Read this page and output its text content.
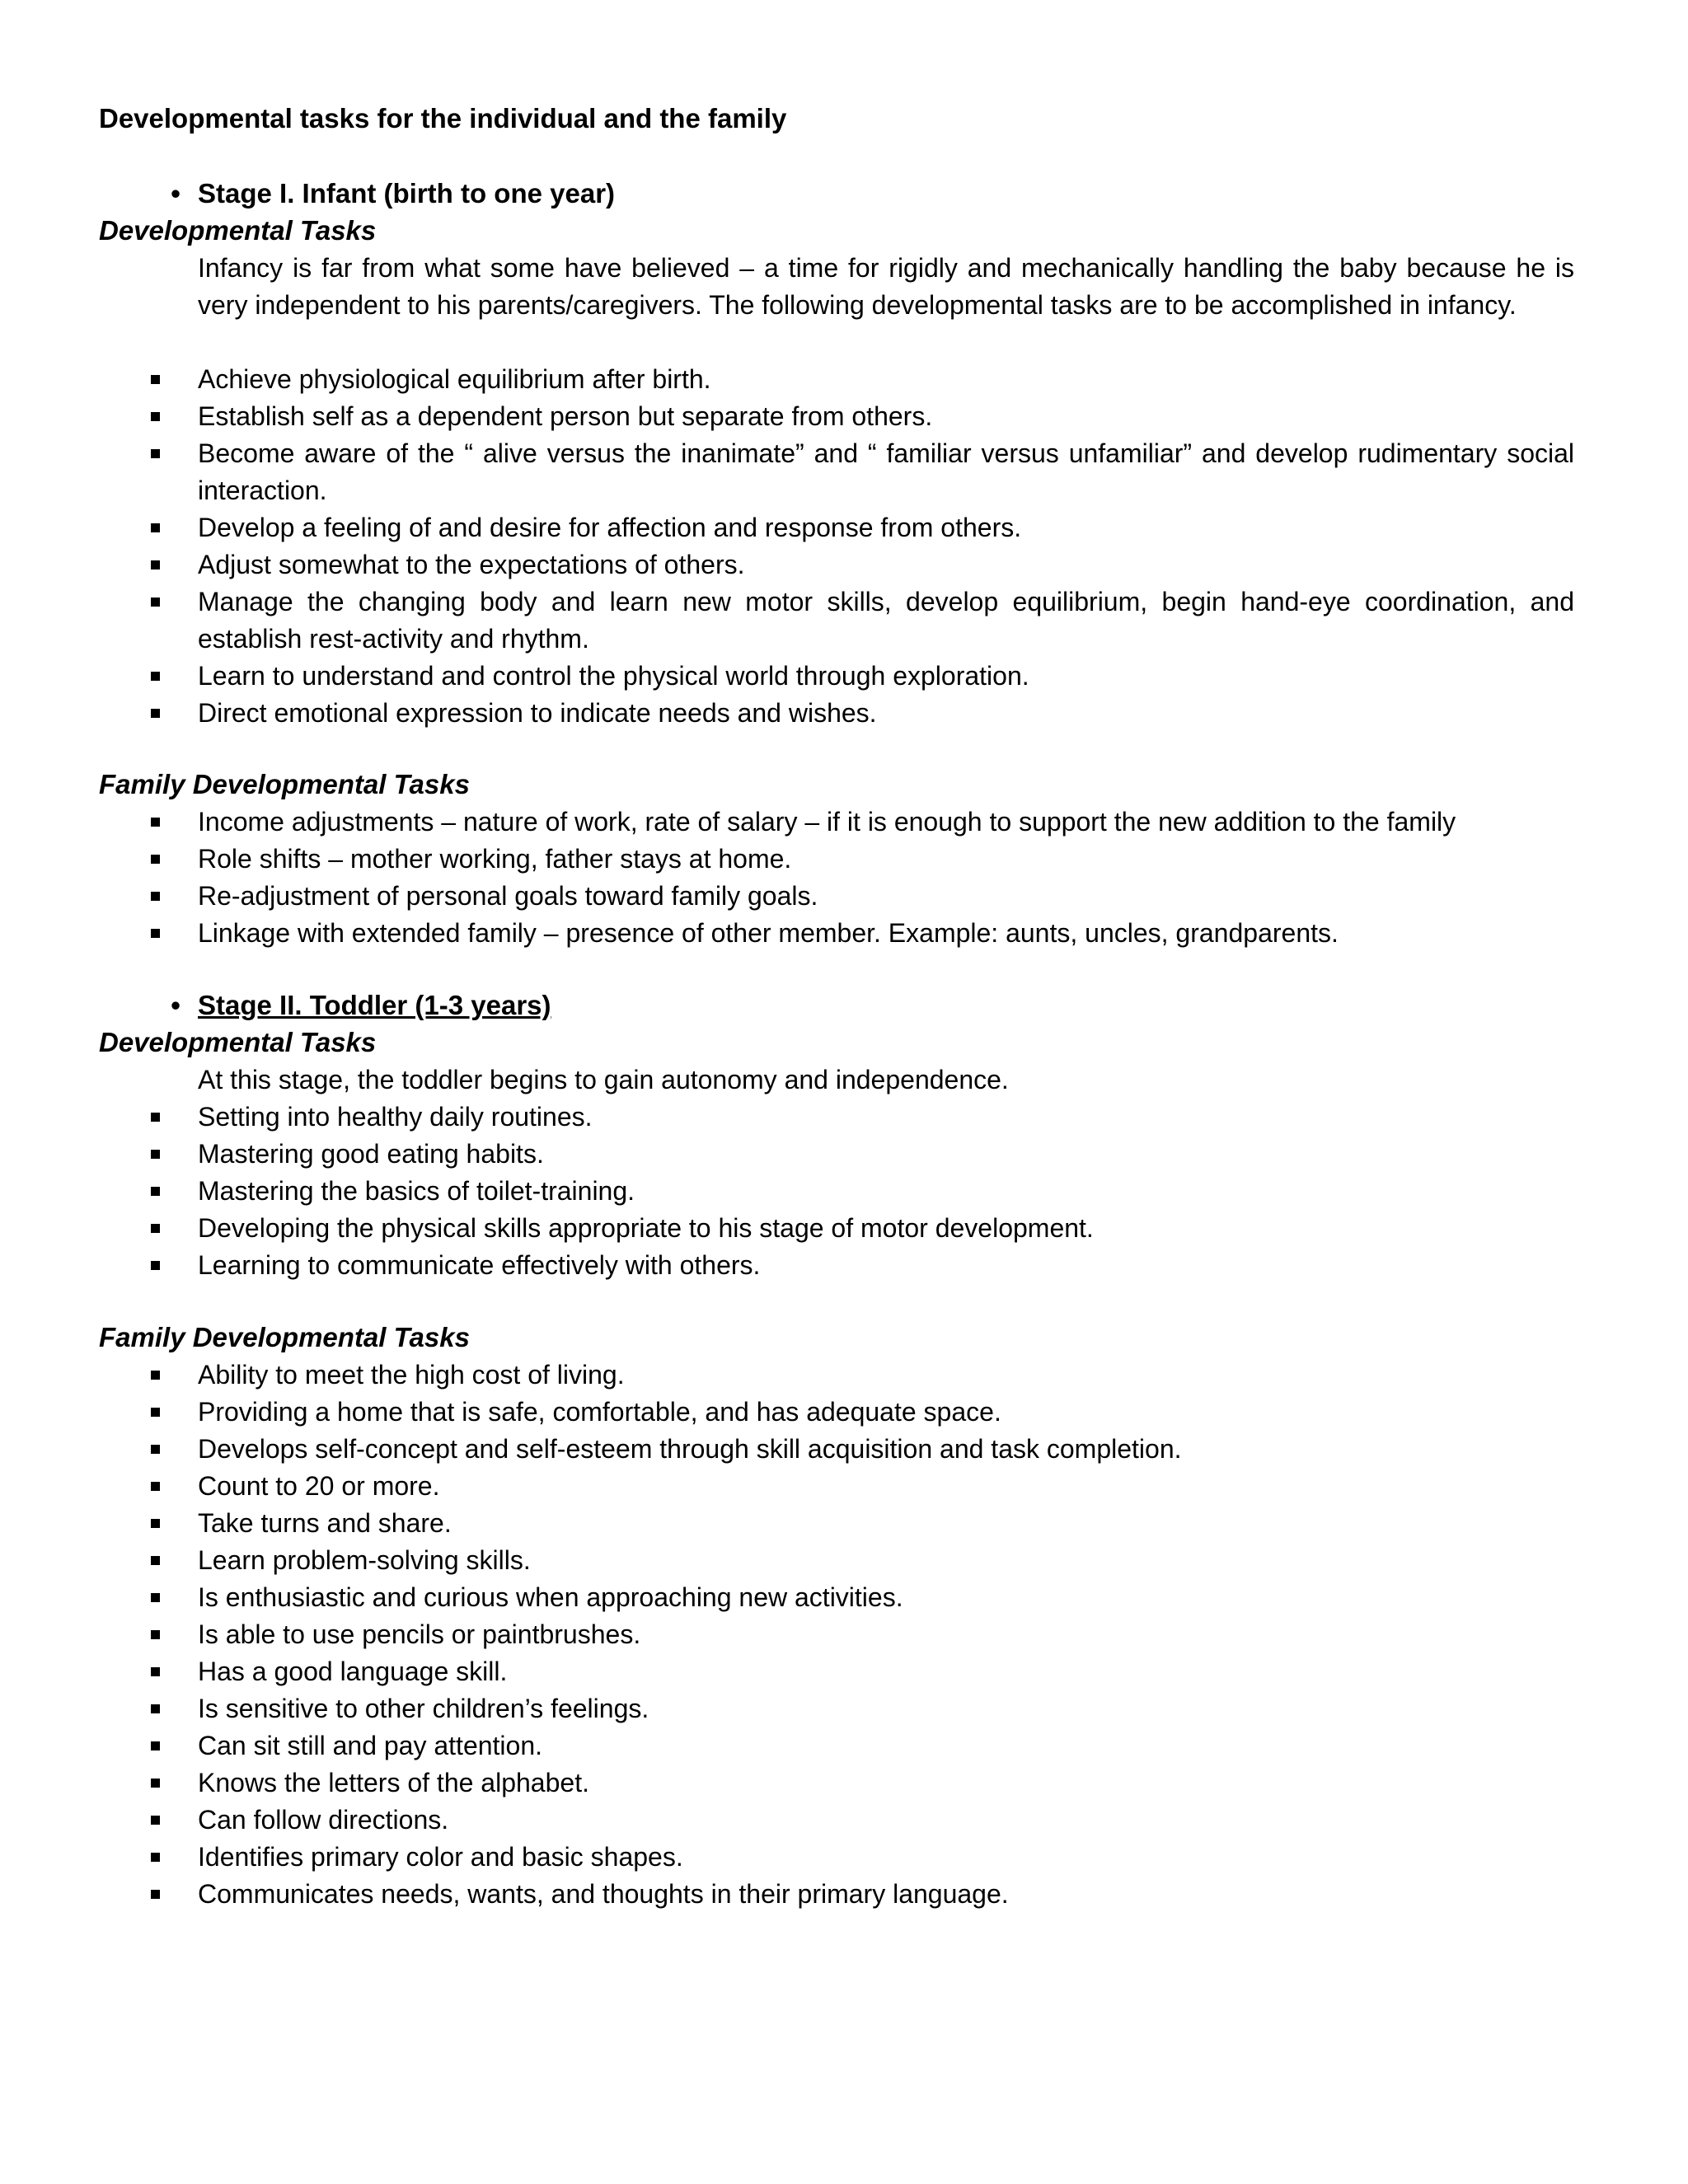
Developmental tasks for the individual and the family
• Stage I. Infant (birth to one year)
Developmental Tasks

Infancy is far from what some have believed – a time for rigidly and mechanically handling the baby because he is very independent to his parents/caregivers. The following developmental tasks are to be accomplished in infancy.

Achieve physiological equilibrium after birth.
Establish self as a dependent person but separate from others.
Become aware of the “ alive versus the inanimate” and “ familiar versus unfamiliar” and develop rudimentary social interaction.
Develop a feeling of and desire for affection and response from others.
Adjust somewhat to the expectations of others.
Manage the changing body and learn new motor skills, develop equilibrium, begin hand-eye coordination, and establish rest-activity and rhythm.
Learn to understand and control the physical world through exploration.
Direct emotional expression to indicate needs and wishes.
Family Developmental Tasks
Income adjustments – nature of work, rate of salary – if it is enough to support the new addition to the family
Role shifts – mother working, father stays at home.
Re-adjustment of personal goals toward family goals.
Linkage with extended family – presence of other member. Example: aunts, uncles, grandparents.
• Stage II. Toddler (1-3 years)
Developmental Tasks

At this stage, the toddler begins to gain autonomy and independence.

Setting into healthy daily routines.
Mastering good eating habits.
Mastering the basics of toilet-training.
Developing the physical skills appropriate to his stage of motor development.
Learning to communicate effectively with others.
Family Developmental Tasks
Ability to meet the high cost of living.
Providing a home that is safe, comfortable, and has adequate space.
Develops self-concept and self-esteem through skill acquisition and task completion.
Count to 20 or more.
Take turns and share.
Learn problem-solving skills.
Is enthusiastic and curious when approaching new activities.
Is able to use pencils or paintbrushes.
Has a good language skill.
Is sensitive to other children’s feelings.
Can sit still and pay attention.
Knows the letters of the alphabet.
Can follow directions.
Identifies primary color and basic shapes.
Communicates needs, wants, and thoughts in their primary language.
